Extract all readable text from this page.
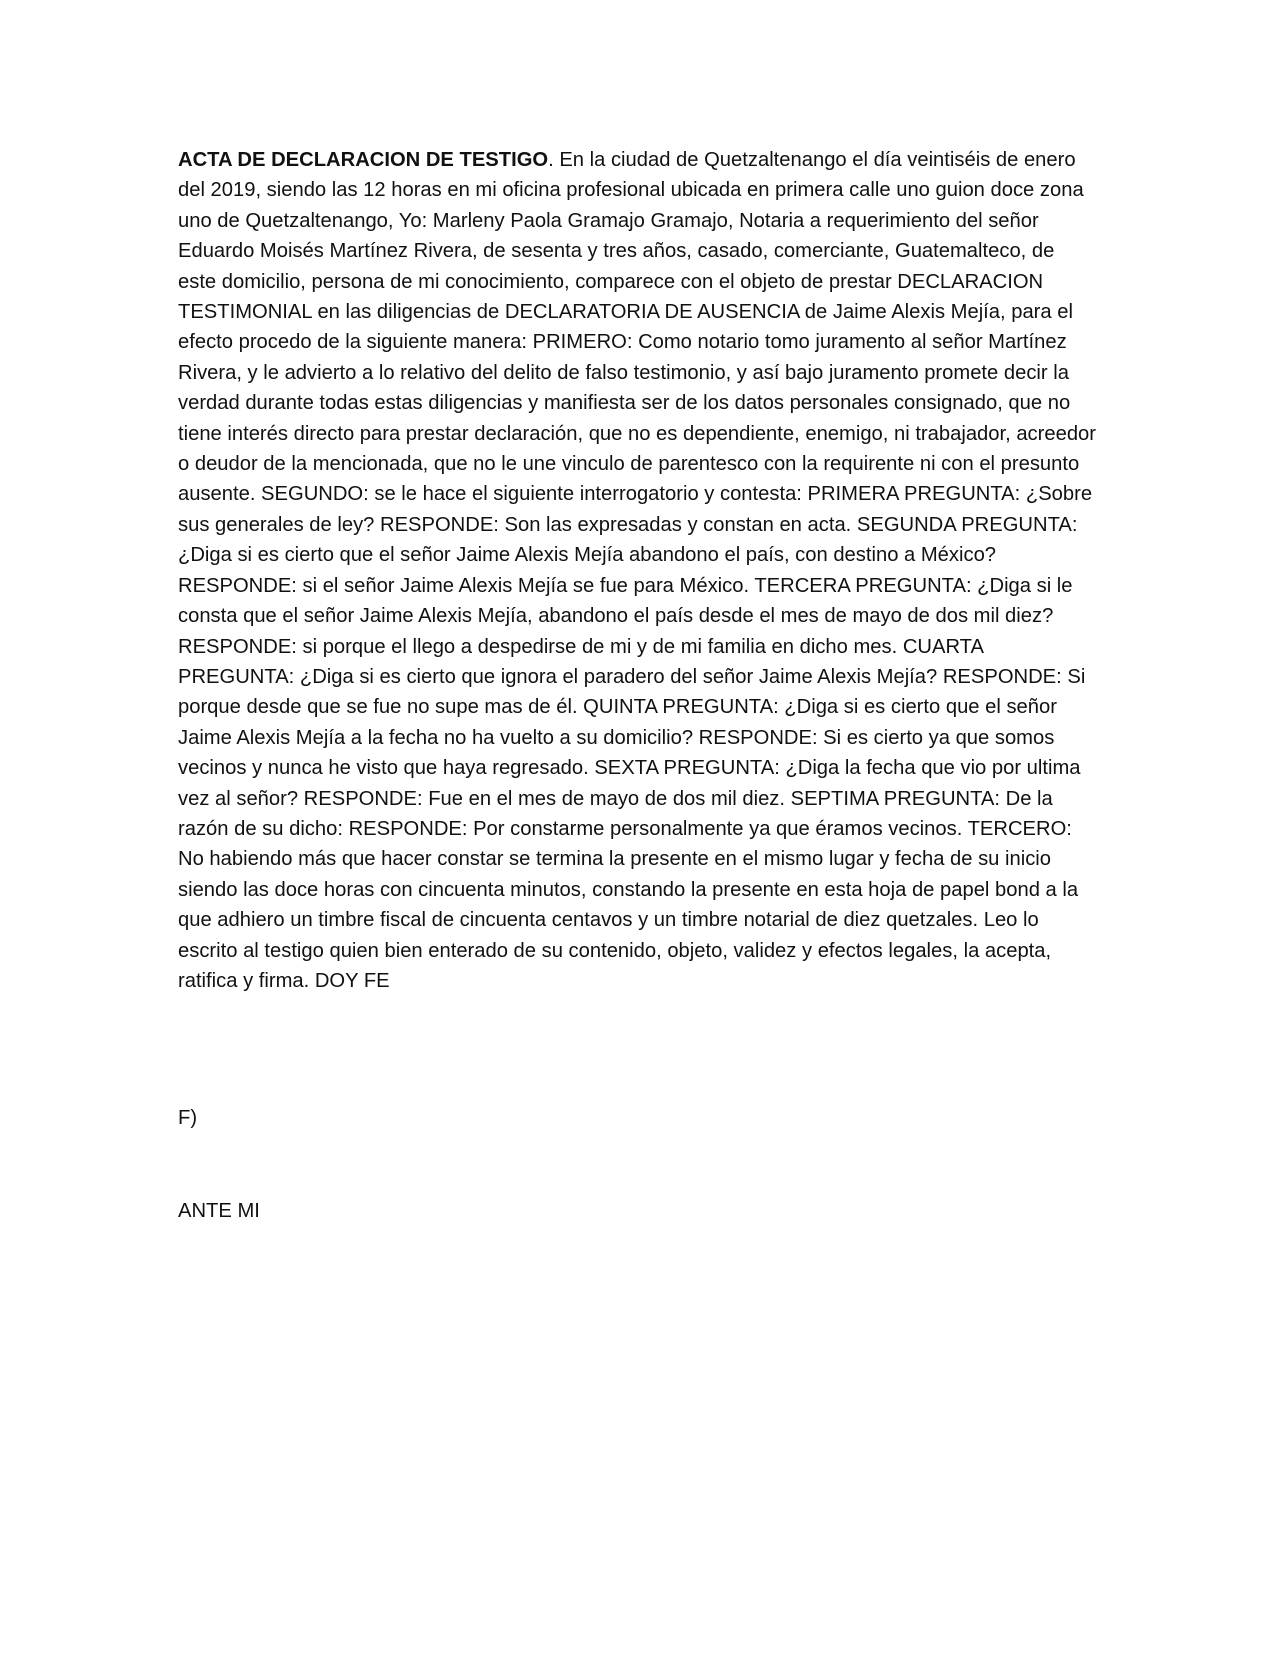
ACTA DE DECLARACION DE TESTIGO. En la ciudad de Quetzaltenango el día veintiséis de enero del 2019, siendo las 12 horas en mi oficina profesional ubicada en primera calle uno guion doce zona uno de Quetzaltenango, Yo: Marleny Paola Gramajo Gramajo, Notaria a requerimiento del señor Eduardo Moisés Martínez Rivera, de sesenta y tres años, casado, comerciante, Guatemalteco, de este domicilio, persona de mi conocimiento, comparece con el objeto de prestar DECLARACION TESTIMONIAL en las diligencias de DECLARATORIA DE AUSENCIA de Jaime Alexis Mejía, para el efecto procedo de la siguiente manera: PRIMERO: Como notario tomo juramento al señor Martínez Rivera, y le advierto a lo relativo del delito de falso testimonio, y así bajo juramento promete decir la verdad durante todas estas diligencias y manifiesta ser de los datos personales consignado, que no tiene interés directo para prestar declaración, que no es dependiente, enemigo, ni trabajador, acreedor o deudor de la mencionada, que no le une vinculo de parentesco con la requirente ni con el presunto ausente. SEGUNDO: se le hace el siguiente interrogatorio y contesta: PRIMERA PREGUNTA: ¿Sobre sus generales de ley? RESPONDE: Son las expresadas y constan en acta. SEGUNDA PREGUNTA: ¿Diga si es cierto que el señor Jaime Alexis Mejía abandono el país, con destino a México? RESPONDE: si el señor Jaime Alexis Mejía se fue para México. TERCERA PREGUNTA: ¿Diga si le consta que el señor Jaime Alexis Mejía, abandono el país desde el mes de mayo de dos mil diez? RESPONDE: si porque el llego a despedirse de mi y de mi familia en dicho mes. CUARTA PREGUNTA: ¿Diga si es cierto que ignora el paradero del señor Jaime Alexis Mejía? RESPONDE: Si porque desde que se fue no supe mas de él. QUINTA PREGUNTA: ¿Diga si es cierto que el señor Jaime Alexis Mejía a la fecha no ha vuelto a su domicilio? RESPONDE: Si es cierto ya que somos vecinos y nunca he visto que haya regresado. SEXTA PREGUNTA: ¿Diga la fecha que vio por ultima vez al señor? RESPONDE: Fue en el mes de mayo de dos mil diez. SEPTIMA PREGUNTA: De la razón de su dicho: RESPONDE: Por constarme personalmente ya que éramos vecinos. TERCERO: No habiendo más que hacer constar se termina la presente en el mismo lugar y fecha de su inicio siendo las doce horas con cincuenta minutos, constando la presente en esta hoja de papel bond a la que adhiero un timbre fiscal de cincuenta centavos y un timbre notarial de diez quetzales. Leo lo escrito al testigo quien bien enterado de su contenido, objeto, validez y efectos legales, la acepta, ratifica y firma. DOY FE

F)

ANTE MI
